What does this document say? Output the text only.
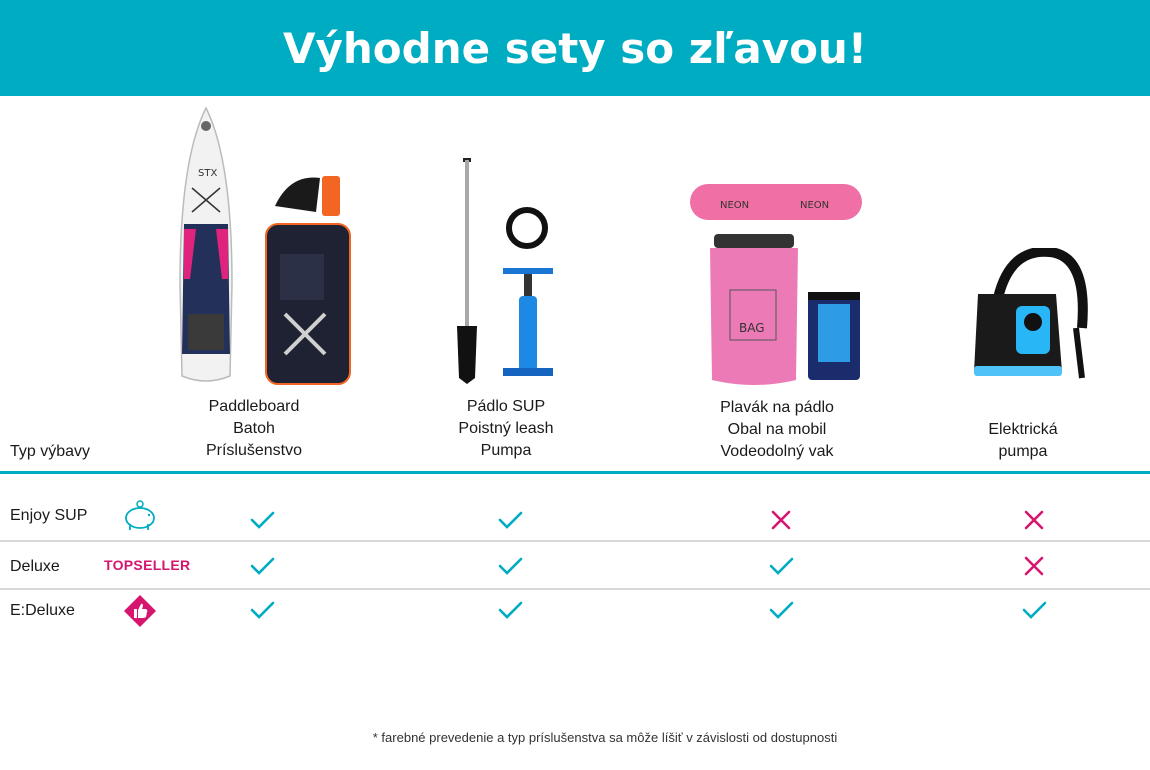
Výhodne sety so zľavou!
STX
NEON	NEON
BAG
Paddleboard
Batoh
Príslušenstvo
Pádlo SUP
Poistný leash
Pumpa
Plavák na pádlo
Obal na mobil
Vodeodolný vak
Elektrická
pumpa
Typ výbavy
Enjoy SUP
Deluxe	TOPSELLER
E:Deluxe
* farebné prevedenie a typ príslušenstva sa môže líšiť v závislosti od dostupnosti
